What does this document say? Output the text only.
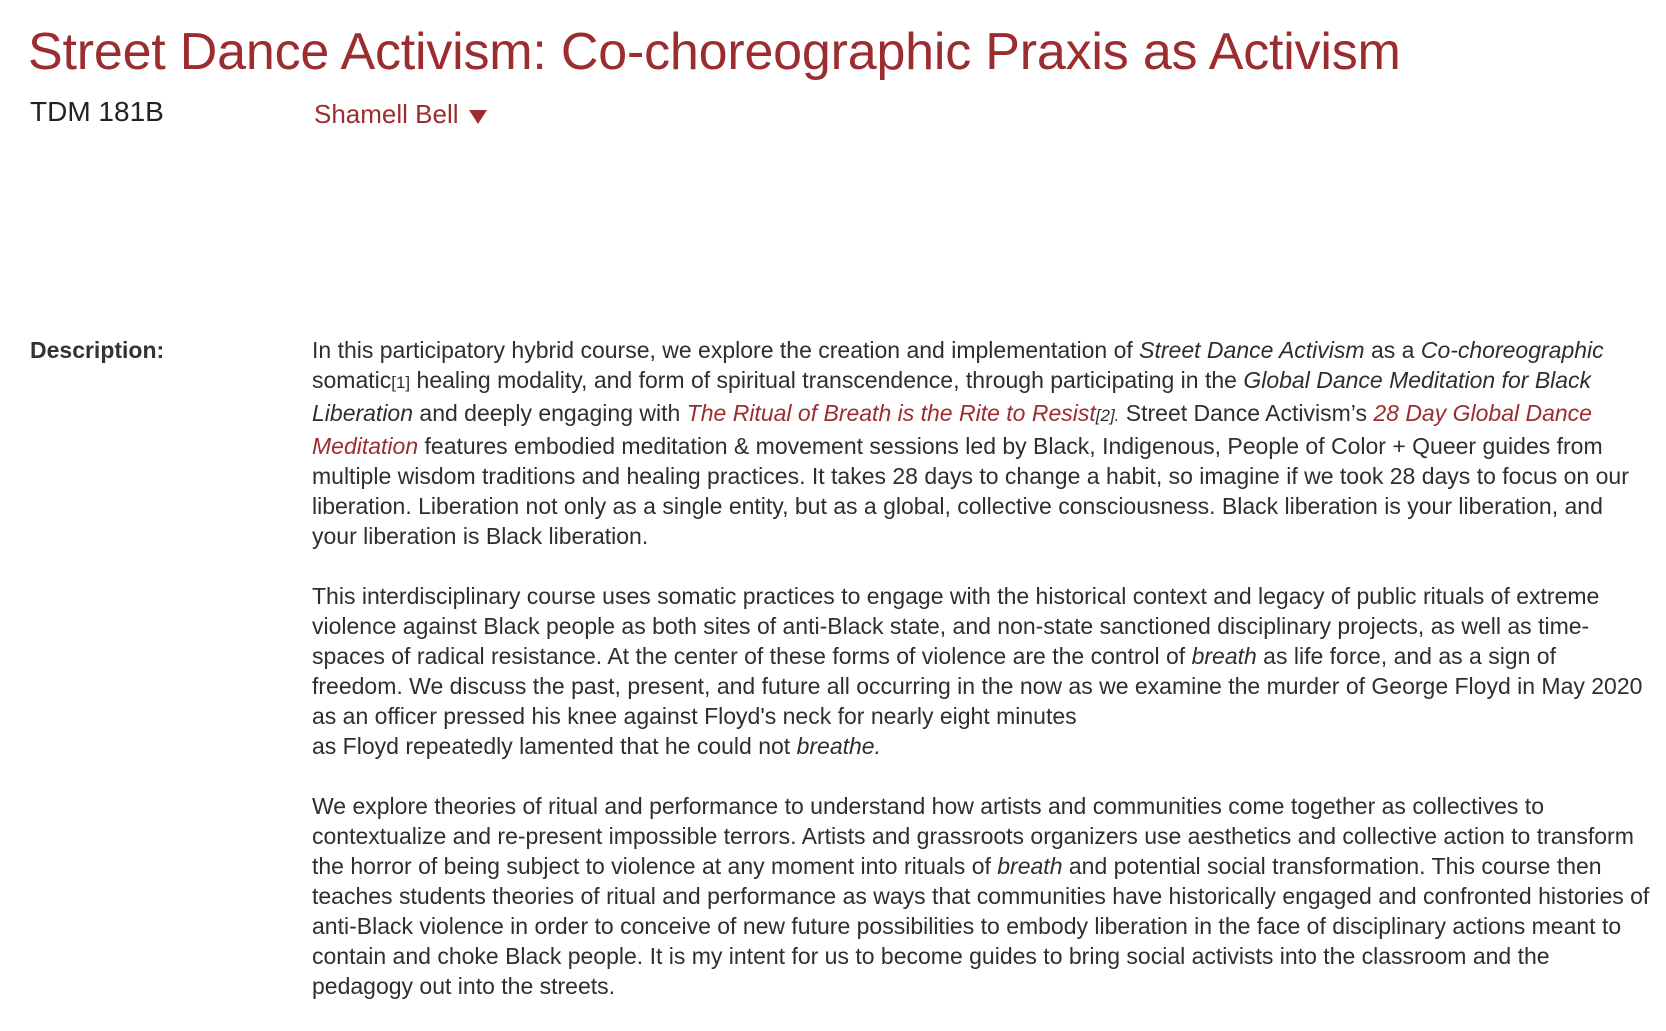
Street Dance Activism: Co-choreographic Praxis as Activism
TDM 181B	Shamell Bell
Description:	In this participatory hybrid course, we explore the creation and implementation of Street Dance Activism as a Co-choreographic somatic[1] healing modality, and form of spiritual transcendence, through participating in the Global Dance Meditation for Black Liberation and deeply engaging with The Ritual of Breath is the Rite to Resist[2]. Street Dance Activism’s 28 Day Global Dance Meditation features embodied meditation & movement sessions led by Black, Indigenous, People of Color + Queer guides from multiple wisdom traditions and healing practices. It takes 28 days to change a habit, so imagine if we took 28 days to focus on our liberation. Liberation not only as a single entity, but as a global, collective consciousness. Black liberation is your liberation, and your liberation is Black liberation.

This interdisciplinary course uses somatic practices to engage with the historical context and legacy of public rituals of extreme violence against Black people as both sites of anti-Black state, and non-state sanctioned disciplinary projects, as well as time-spaces of radical resistance. At the center of these forms of violence are the control of breath as life force, and as a sign of freedom. We discuss the past, present, and future all occurring in the now as we examine the murder of George Floyd in May 2020 as an officer pressed his knee against Floyd's neck for nearly eight minutes
as Floyd repeatedly lamented that he could not breathe.

We explore theories of ritual and performance to understand how artists and communities come together as collectives to contextualize and re-present impossible terrors. Artists and grassroots organizers use aesthetics and collective action to transform the horror of being subject to violence at any moment into rituals of breath and potential social transformation. This course then teaches students theories of ritual and performance as ways that communities have historically engaged and confronted histories of anti-Black violence in order to conceive of new future possibilities to embody liberation in the face of disciplinary actions meant to contain and choke Black people. It is my intent for us to become guides to bring social activists into the classroom and the pedagogy out into the streets.
